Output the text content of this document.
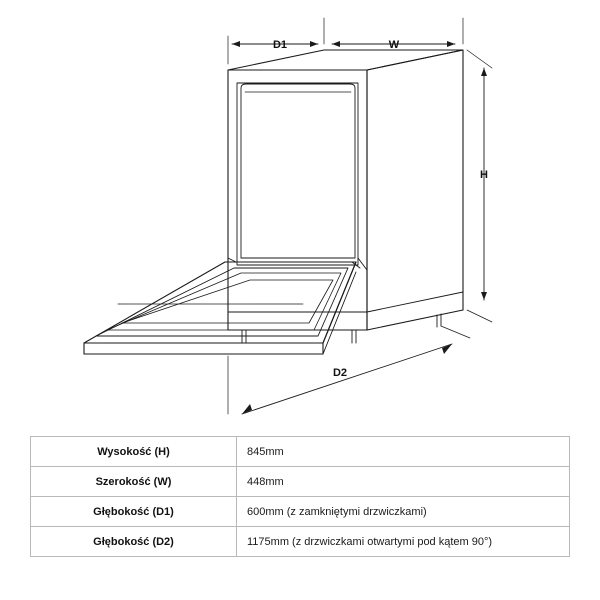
D1	W
H
D2
Wysokość (H)	845mm
Szerokość (W)	448mm
Głębokość (D1)	600mm (z zamkniętymi drzwiczkami)
Głębokość (D2)	1175mm (z drzwiczkami otwartymi pod kątem 90°)
